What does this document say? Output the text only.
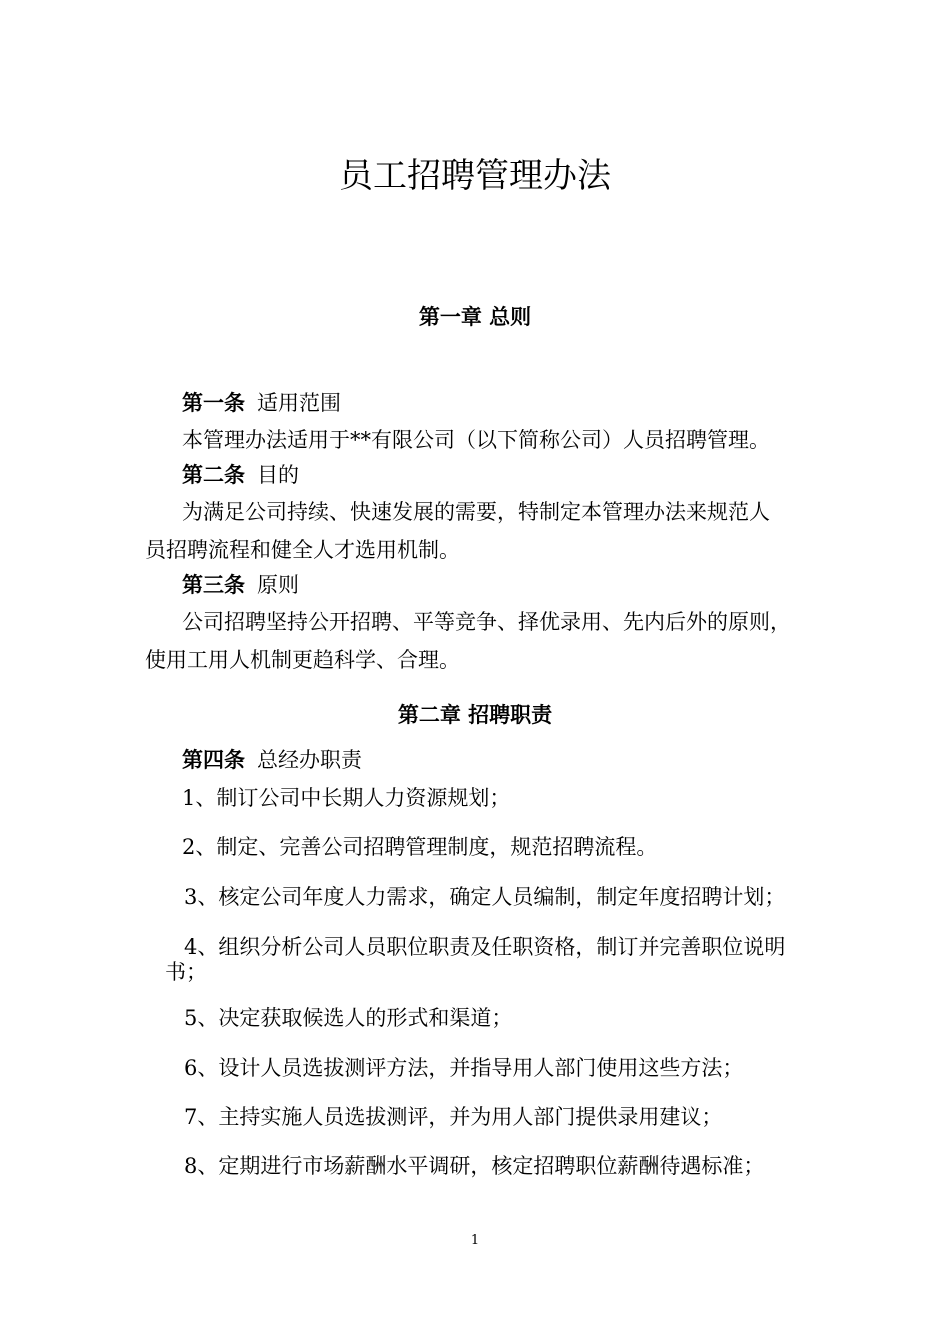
员工招聘管理办法
第一章 总则
第一条 适用范围
本管理办法适用于**有限公司（以下简称公司）人员招聘管理。
第二条 目的
为满足公司持续、快速发展的需要，特制定本管理办法来规范人
员招聘流程和健全人才选用机制。
第三条 原则
公司招聘坚持公开招聘、平等竞争、择优录用、先内后外的原则，
使用工用人机制更趋科学、合理。
第二章 招聘职责
第四条 总经办职责
1、制订公司中长期人力资源规划；
2、制定、完善公司招聘管理制度，规范招聘流程。
3、核定公司年度人力需求，确定人员编制，制定年度招聘计划；
4、组织分析公司人员职位职责及任职资格，制订并完善职位说明
书；
5、决定获取候选人的形式和渠道；
6、设计人员选拔测评方法，并指导用人部门使用这些方法；
7、主持实施人员选拔测评，并为用人部门提供录用建议；
8、定期进行市场薪酬水平调研，核定招聘职位薪酬待遇标准；
1
